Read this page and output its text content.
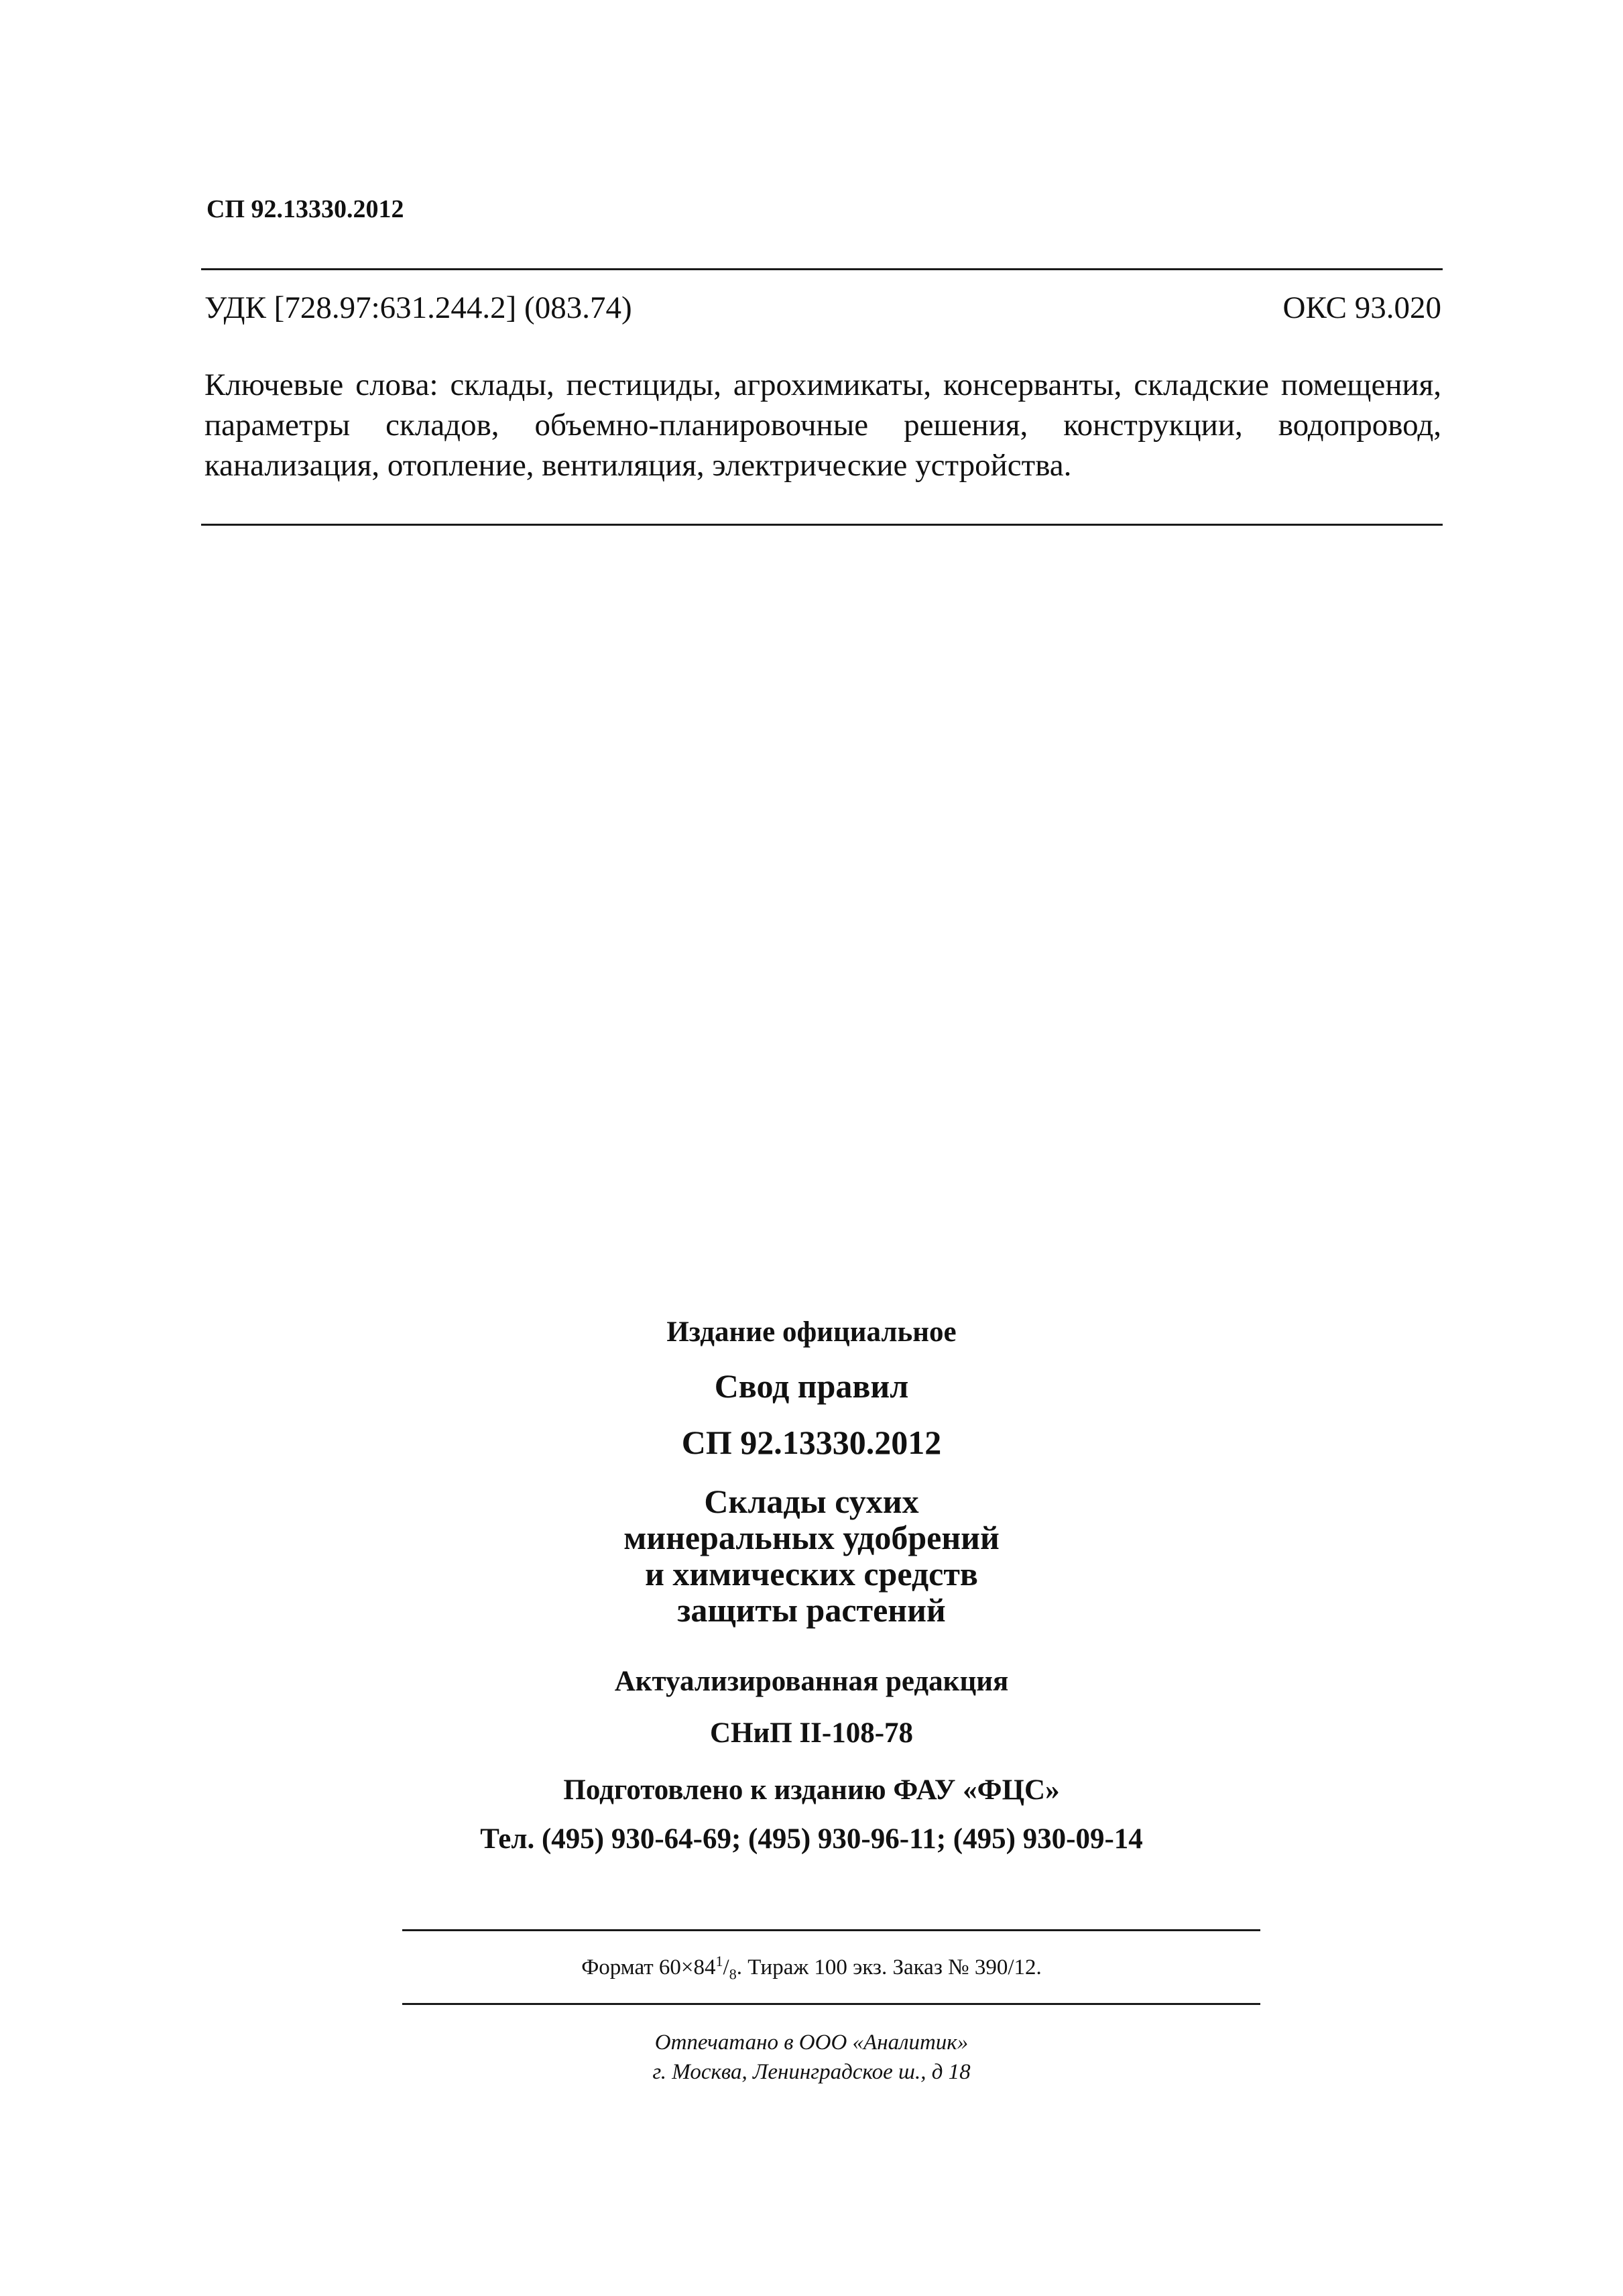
СП 92.13330.2012

УДК [728.97:631.244.2] (083.74)	ОКС 93.020

Ключевые слова: склады, пестициды, агрохимикаты, консерванты, складские помещения, параметры складов, объемно-планировочные решения, конструкции, водопровод, канализация, отопление, вентиляция, электрические устройства.

Издание официальное

Свод правил

СП 92.13330.2012

Склады сухих
минеральных удобрений
и химических средств
защиты растений

Актуализированная редакция

СНиП II-108-78

Подготовлено к изданию ФАУ «ФЦС»

Тел. (495) 930-64-69; (495) 930-96-11; (495) 930-09-14

Формат $60\times 84^1/_8$. Тираж 100 экз. Заказ № 390/12.

Отпечатано в ООО «Аналитик»

г. Москва, Ленинградское ш., д 18
